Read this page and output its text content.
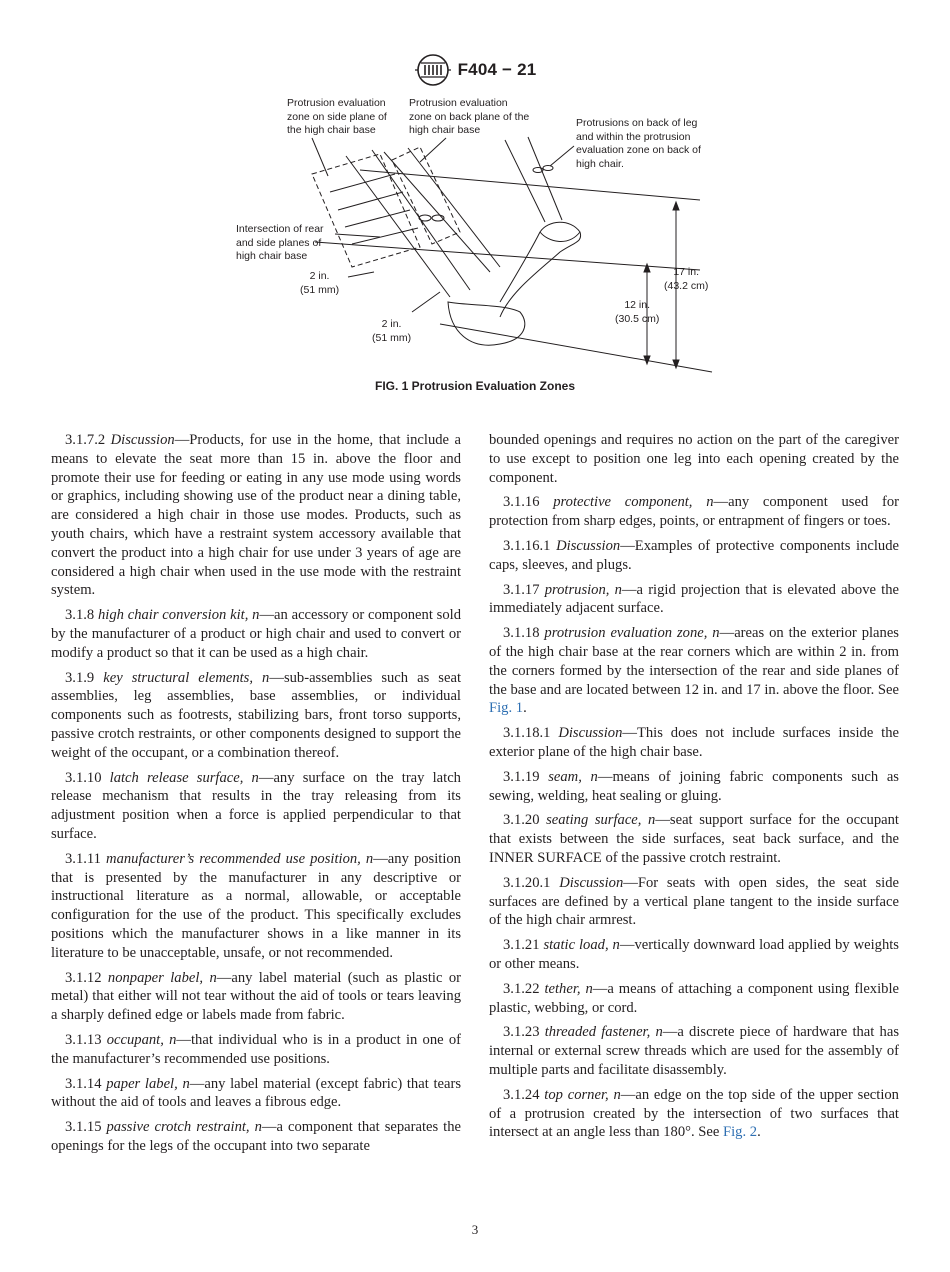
F404 − 21
Protrusion evaluation
zone on side plane of
the high chair base
Protrusion evaluation
zone on back plane of the
high chair base
Protrusions on back of leg
and within the protrusion
evaluation zone on back of
high chair.
Intersection of rear
and side planes of
high chair base
2 in.
(51 mm)
2 in.
(51 mm)
17 in.
(43.2 cm)
12 in.
(30.5 cm)
FIG. 1 Protrusion Evaluation Zones

3.1.7.2 Discussion—Products, for use in the home, that include a means to elevate the seat more than 15 in. above the floor and promote their use for feeding or eating in any use mode using words or graphics, including showing use of the product near a dining table, are considered a high chair in those use modes. Products, such as youth chairs, which have a restraint system accessory available that convert the product into a high chair for use under 3 years of age are considered a high chair when used in the use mode with the restraint system.

3.1.8 high chair conversion kit, n—an accessory or component sold by the manufacturer of a product or high chair and used to convert or modify a product so that it can be used as a high chair.

3.1.9 key structural elements, n—sub-assemblies such as seat assemblies, leg assemblies, base assemblies, or individual components such as footrests, stabilizing bars, front torso supports, passive crotch restraints, or other components designed to support the weight of the occupant, or a combination thereof.

3.1.10 latch release surface, n—any surface on the tray latch release mechanism that results in the tray releasing from its adjustment position when a force is applied perpendicular to that surface.

3.1.11 manufacturer’s recommended use position, n—any position that is presented by the manufacturer in any descriptive or instructional literature as a normal, allowable, or acceptable configuration for the use of the product. This specifically excludes positions which the manufacturer shows in a like manner in its literature to be unacceptable, unsafe, or not recommended.

3.1.12 nonpaper label, n—any label material (such as plastic or metal) that either will not tear without the aid of tools or tears leaving a sharply defined edge or labels made from fabric.

3.1.13 occupant, n—that individual who is in a product in one of the manufacturer’s recommended use positions.

3.1.14 paper label, n—any label material (except fabric) that tears without the aid of tools and leaves a fibrous edge.

3.1.15 passive crotch restraint, n—a component that separates the openings for the legs of the occupant into two separate

bounded openings and requires no action on the part of the caregiver to use except to position one leg into each opening created by the component.

3.1.16 protective component, n—any component used for protection from sharp edges, points, or entrapment of fingers or toes.

3.1.16.1 Discussion—Examples of protective components include caps, sleeves, and plugs.

3.1.17 protrusion, n—a rigid projection that is elevated above the immediately adjacent surface.

3.1.18 protrusion evaluation zone, n—areas on the exterior planes of the high chair base at the rear corners which are within 2 in. from the corners formed by the intersection of the rear and side planes of the base and are located between 12 in. and 17 in. above the floor. See Fig. 1.

3.1.18.1 Discussion—This does not include surfaces inside the exterior plane of the high chair base.

3.1.19 seam, n—means of joining fabric components such as sewing, welding, heat sealing or gluing.

3.1.20 seating surface, n—seat support surface for the occupant that exists between the side surfaces, seat back surface, and the INNER SURFACE of the passive crotch restraint.

3.1.20.1 Discussion—For seats with open sides, the seat side surfaces are defined by a vertical plane tangent to the inside surface of the high chair armrest.

3.1.21 static load, n—vertically downward load applied by weights or other means.

3.1.22 tether, n—a means of attaching a component using flexible plastic, webbing, or cord.

3.1.23 threaded fastener, n—a discrete piece of hardware that has internal or external screw threads which are used for the assembly of multiple parts and facilitate disassembly.

3.1.24 top corner, n—an edge on the top side of the upper section of a protrusion created by the intersection of two surfaces that intersect at an angle less than 180°. See Fig. 2.

3
